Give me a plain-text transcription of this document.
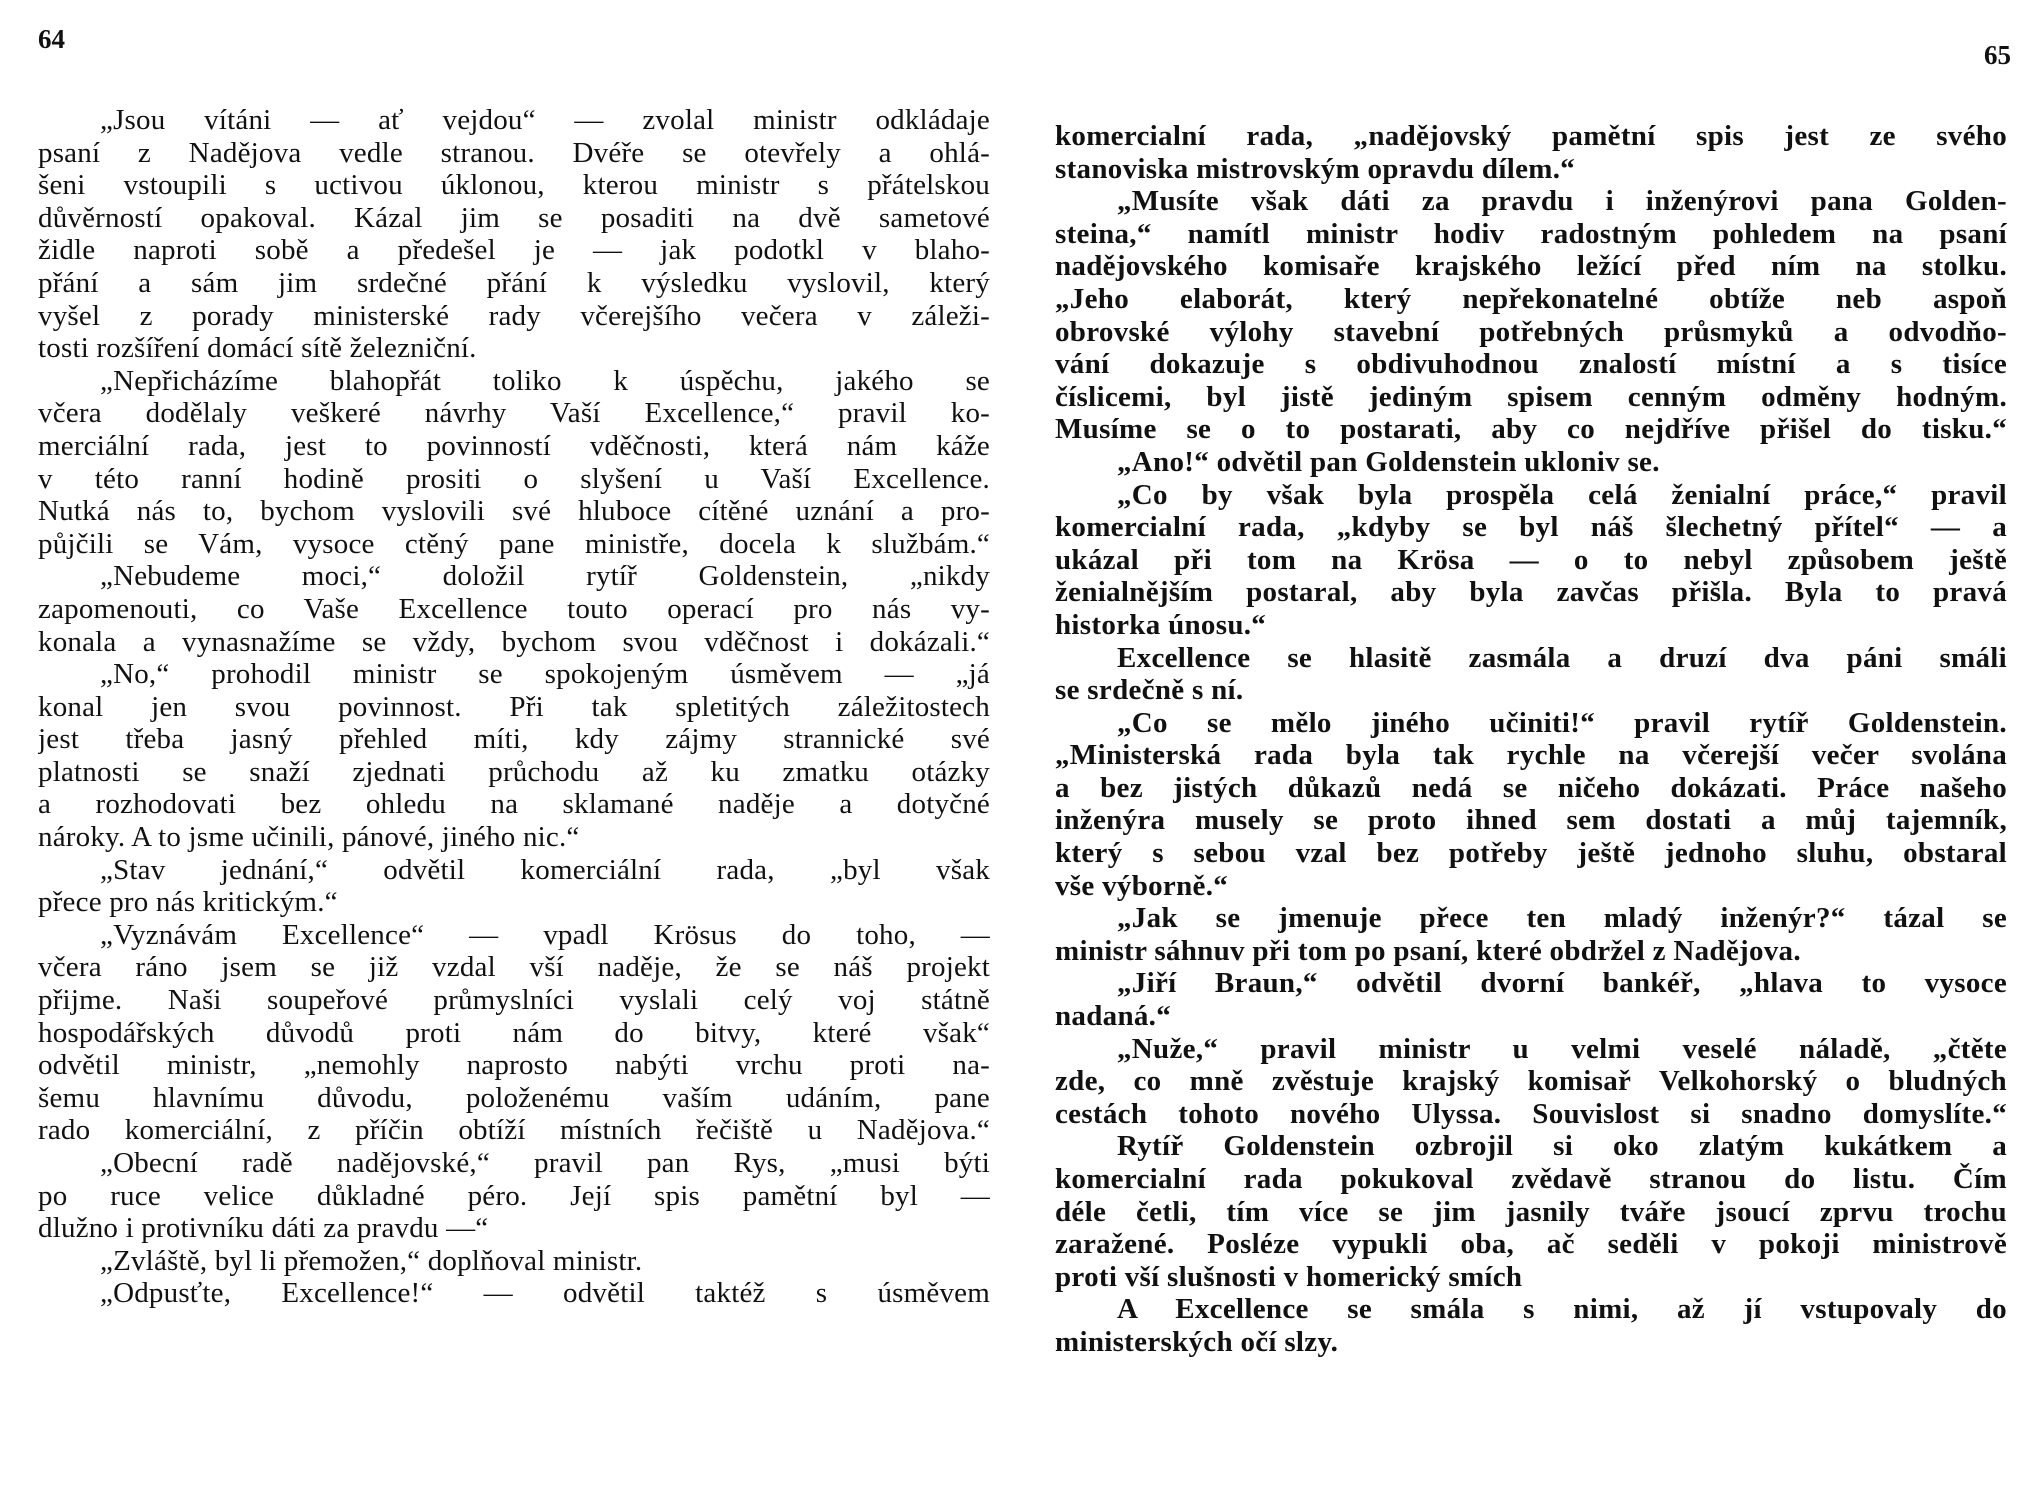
64
„Jsou vítáni — ať vejdou“ — zvolal ministr odkládaje
psaní z Nadějova vedle stranou. Dvéře se otevřely a ohlá-
šeni vstoupili s uctivou úklonou, kterou ministr s přátelskou
důvěrností opakoval. Kázal jim se posaditi na dvě sametové
židle naproti sobě a předešel je — jak podotkl v blaho-
přání a sám jim srdečné přání k výsledku vyslovil, který
vyšel z porady ministerské rady včerejšího večera v záleži-
tosti rozšíření domácí sítě železniční.
„Nepřicházíme blahopřát toliko k úspěchu, jakého se
včera dodělaly veškeré návrhy Vaší Excellence,“ pravil ko-
merciální rada, jest to povinností vděčnosti, která nám káže
v této ranní hodině prositi o slyšení u Vaší Excellence.
Nutká nás to, bychom vyslovili své hluboce cítěné uznání a pro-
půjčili se Vám, vysoce ctěný pane ministře, docela k službám.“
„Nebudeme moci,“ doložil rytíř Goldenstein, „nikdy
zapomenouti, co Vaše Excellence touto operací pro nás vy-
konala a vynasnažíme se vždy, bychom svou vděčnost i dokázali.“
„No,“ prohodil ministr se spokojeným úsměvem — „já
konal jen svou povinnost. Při tak spletitých záležitostech
jest třeba jasný přehled míti, kdy zájmy strannické své
platnosti se snaží zjednati průchodu až ku zmatku otázky
a rozhodovati bez ohledu na sklamané naděje a dotyčné
nároky. A to jsme učinili, pánové, jiného nic.“
„Stav jednání,“ odvětil komerciální rada, „byl však
přece pro nás kritickým.“
„Vyznávám Excellence“ — vpadl Krösus do toho, —
včera ráno jsem se již vzdal vší naděje, že se náš projekt
přijme. Naši soupeřové průmyslníci vyslali celý voj státně
hospodářských důvodů proti nám do bitvy, které však“
odvětil ministr, „nemohly naprosto nabýti vrchu proti na-
šemu hlavnímu důvodu, položenému vaším udáním, pane
rado komerciální, z příčin obtíží místních řečiště u Nadějova.“
„Obecní radě nadějovské,“ pravil pan Rys, „musi býti
po ruce velice důkladné péro. Její spis pamětní byl —
dlužno i protivníku dáti za pravdu —“
„Zvláště, byl li přemožen,“ doplňoval ministr.
„Odpusťte, Excellence!“ — odvětil taktéž s úsměvem
65
komercialní rada, „nadějovský pamětní spis jest ze svého
stanoviska mistrovským opravdu dílem.“
„Musíte však dáti za pravdu i inženýrovi pana Golden-
steina,“ namítl ministr hodiv radostným pohledem na psaní
nadějovského komisaře krajského ležící před ním na stolku.
„Jeho elaborát, který nepřekonatelné obtíže neb aspoň
obrovské výlohy stavební potřebných průsmyků a odvodňo-
vání dokazuje s obdivuhodnou znalostí místní a s tisíce
číslicemi, byl jistě jediným spisem cenným odměny hodným.
Musíme se o to postarati, aby co nejdříve přišel do tisku.“
„Ano!“ odvětil pan Goldenstein ukloniv se.
„Co by však byla prospěla celá ženialní práce,“ pravil
komercialní rada, „kdyby se byl náš šlechetný přítel“ — a
ukázal při tom na Krösa — o to nebyl způsobem ještě
ženialnějším postaral, aby byla zavčas přišla. Byla to pravá
historka únosu.“
Excellence se hlasitě zasmála a druzí dva páni smáli
se srdečně s ní.
„Co se mělo jiného učiniti!“ pravil rytíř Goldenstein.
„Ministerská rada byla tak rychle na včerejší večer svolána
a bez jistých důkazů nedá se ničeho dokázati. Práce našeho
inženýra musely se proto ihned sem dostati a můj tajemník,
který s sebou vzal bez potřeby ještě jednoho sluhu, obstaral
vše výborně.“
„Jak se jmenuje přece ten mladý inženýr?“ tázal se
ministr sáhnuv při tom po psaní, které obdržel z Nadějova.
„Jiří Braun,“ odvětil dvorní bankéř, „hlava to vysoce
nadaná.“
„Nuže,“ pravil ministr u velmi veselé náladě, „čtěte
zde, co mně zvěstuje krajský komisař Velkohorský o bludných
cestách tohoto nového Ulyssa. Souvislost si snadno domyslíte.“
Rytíř Goldenstein ozbrojil si oko zlatým kukátkem a
komercialní rada pokukoval zvědavě stranou do listu. Čím
déle četli, tím více se jim jasnily tváře jsoucí zprvu trochu
zaražené. Posléze vypukli oba, ač seděli v pokoji ministrově
proti vší slušnosti v homerický smích
A Excellence se smála s nimi, až jí vstupovaly do
ministerských očí slzy.
